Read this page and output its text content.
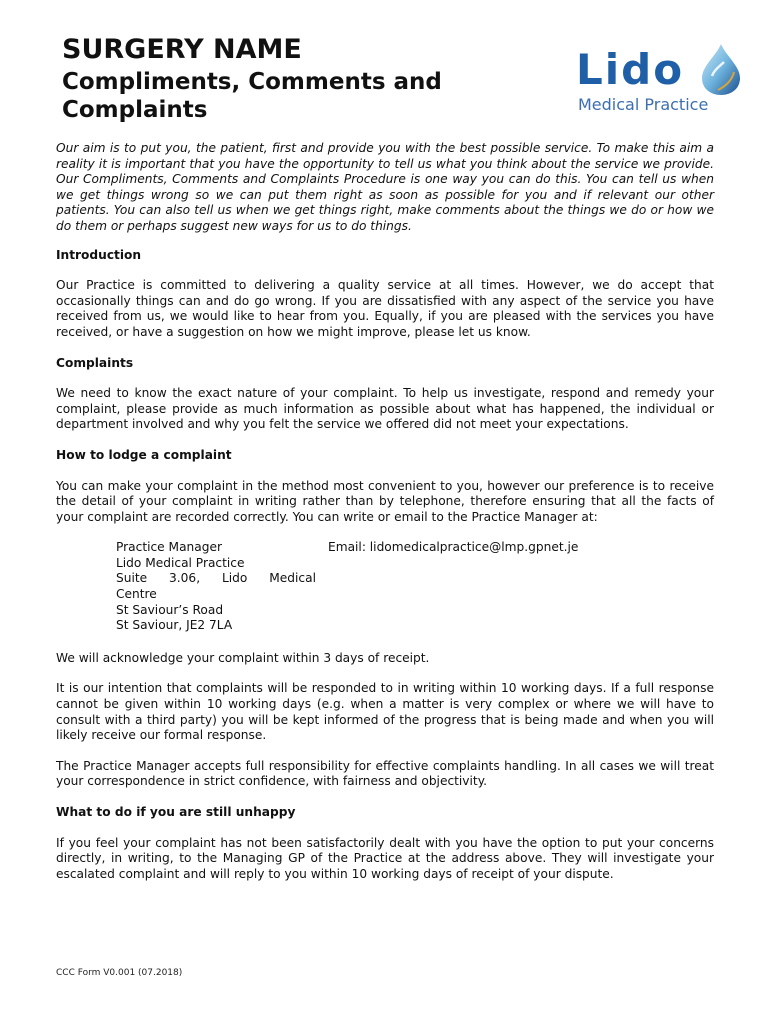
SURGERY NAME
Compliments, Comments and
Complaints
Lido
Medical Practice

Our aim is to put you, the patient, first and provide you with the best possible service. To make this aim a reality it is important that you have the opportunity to tell us what you think about the service we provide. Our Compliments, Comments and Complaints Procedure is one way you can do this. You can tell us when we get things wrong so we can put them right as soon as possible for you and if relevant our other patients. You can also tell us when we get things right, make comments about the things we do or how we do them or perhaps suggest new ways for us to do things.

Introduction

Our Practice is committed to delivering a quality service at all times. However, we do accept that occasionally things can and do go wrong. If you are dissatisfied with any aspect of the service you have received from us, we would like to hear from you. Equally, if you are pleased with the services you have received, or have a suggestion on how we might improve, please let us know.

Complaints

We need to know the exact nature of your complaint. To help us investigate, respond and remedy your complaint, please provide as much information as possible about what has happened, the individual or department involved and why you felt the service we offered did not meet your expectations.

How to lodge a complaint

You can make your complaint in the method most convenient to you, however our preference is to receive the detail of your complaint in writing rather than by telephone, therefore ensuring that all the facts of your complaint are recorded correctly. You can write or email to the Practice Manager at:

Practice Manager

Lido Medical Practice

Suite 3.06, Lido Medical

Centre

St Saviour’s Road

St Saviour, JE2 7LA

Email: lidomedicalpractice@lmp.gpnet.je

We will acknowledge your complaint within 3 days of receipt.

It is our intention that complaints will be responded to in writing within 10 working days. If a full response cannot be given within 10 working days (e.g. when a matter is very complex or where we will have to consult with a third party) you will be kept informed of the progress that is being made and when you will likely receive our formal response.

The Practice Manager accepts full responsibility for effective complaints handling. In all cases we will treat your correspondence in strict confidence, with fairness and objectivity.

What to do if you are still unhappy

If you feel your complaint has not been satisfactorily dealt with you have the option to put your concerns directly, in writing, to the Managing GP of the Practice at the address above. They will investigate your escalated complaint and will reply to you within 10 working days of receipt of your dispute.

CCC Form V0.001 (07.2018)
